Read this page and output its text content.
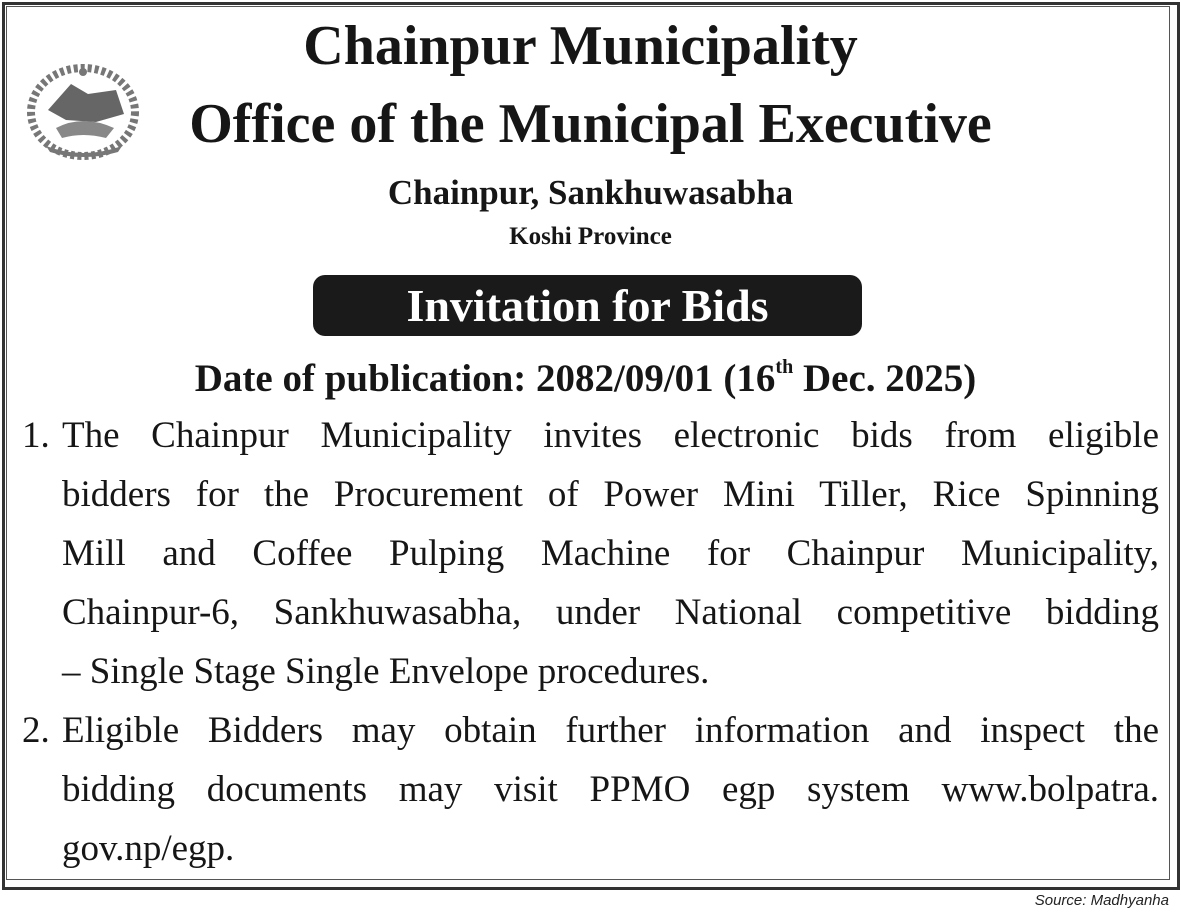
Chainpur Municipality
Office of the Municipal Executive
Chainpur, Sankhuwasabha
Koshi Province
Invitation for Bids
Date of publication: 2082/09/01 (16th Dec. 2025)
1. The Chainpur Municipality invites electronic bids from eligible
bidders for the Procurement of Power Mini Tiller, Rice Spinning
Mill and Coffee Pulping Machine for Chainpur Municipality,
Chainpur-6, Sankhuwasabha, under National competitive bidding
– Single Stage Single Envelope procedures.
2. Eligible Bidders may obtain further information and inspect the
bidding documents may visit PPMO egp system www.bolpatra.
gov.np/egp.
Source: Madhyanha
